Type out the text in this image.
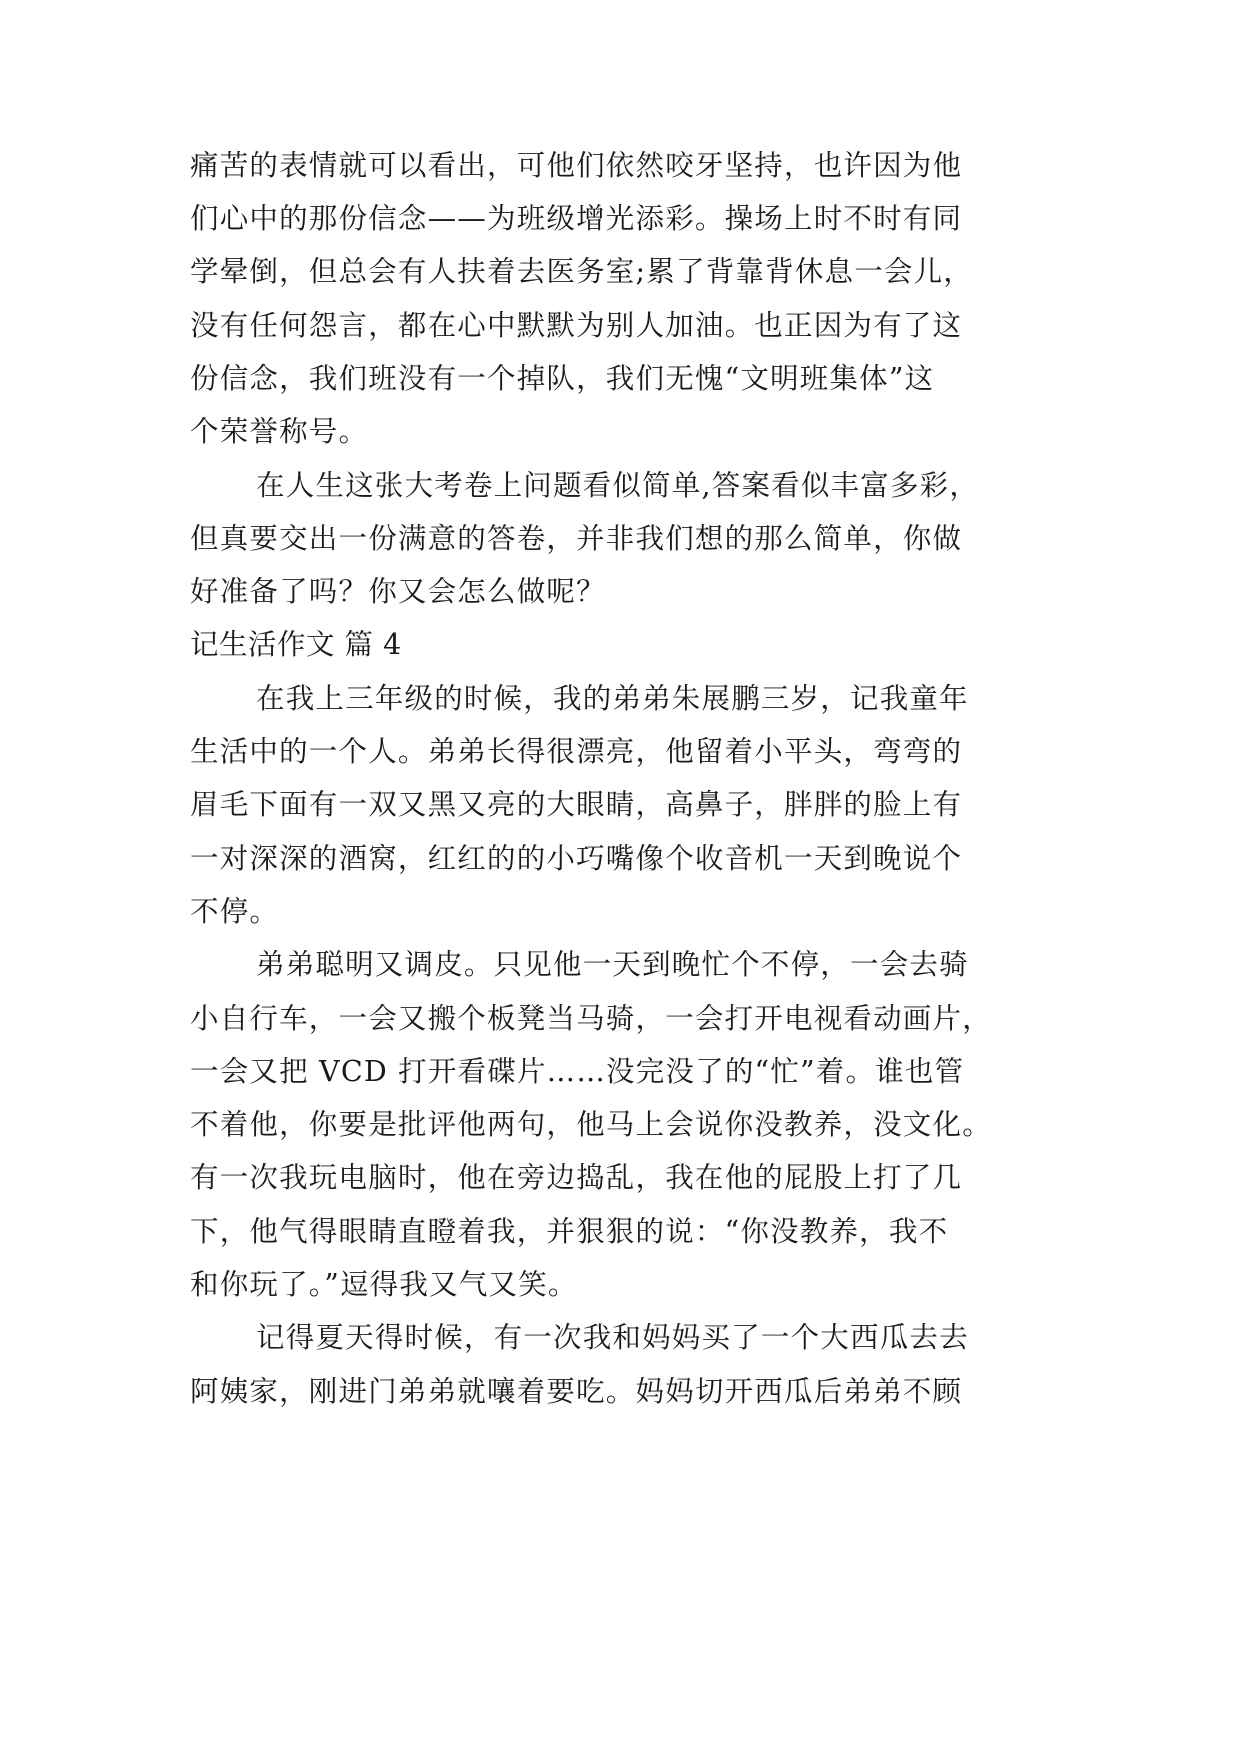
痛苦的表情就可以看出，可他们依然咬牙坚持，也许因为他
们心中的那份信念——为班级增光添彩。操场上时不时有同
学晕倒，但总会有人扶着去医务室;累了背靠背休息一会儿，
没有任何怨言，都在心中默默为别人加油。也正因为有了这
份信念，我们班没有一个掉队，我们无愧“文明班集体”这
个荣誉称号。
在人生这张大考卷上问题看似简单,答案看似丰富多彩，
但真要交出一份满意的答卷，并非我们想的那么简单，你做
好准备了吗？你又会怎么做呢？
记生活作文 篇 4
在我上三年级的时候，我的弟弟朱展鹏三岁，记我童年
生活中的一个人。弟弟长得很漂亮，他留着小平头，弯弯的
眉毛下面有一双又黑又亮的大眼睛，高鼻子，胖胖的脸上有
一对深深的酒窝，红红的的小巧嘴像个收音机一天到晚说个
不停。
弟弟聪明又调皮。只见他一天到晚忙个不停，一会去骑
小自行车，一会又搬个板凳当马骑，一会打开电视看动画片，
一会又把 VCD 打开看碟片……没完没了的“忙”着。谁也管
不着他，你要是批评他两句，他马上会说你没教养，没文化。
有一次我玩电脑时，他在旁边捣乱，我在他的屁股上打了几
下，他气得眼睛直瞪着我，并狠狠的说：“你没教养，我不
和你玩了。”逗得我又气又笑。
记得夏天得时候，有一次我和妈妈买了一个大西瓜去去
阿姨家，刚进门弟弟就嚷着要吃。妈妈切开西瓜后弟弟不顾
